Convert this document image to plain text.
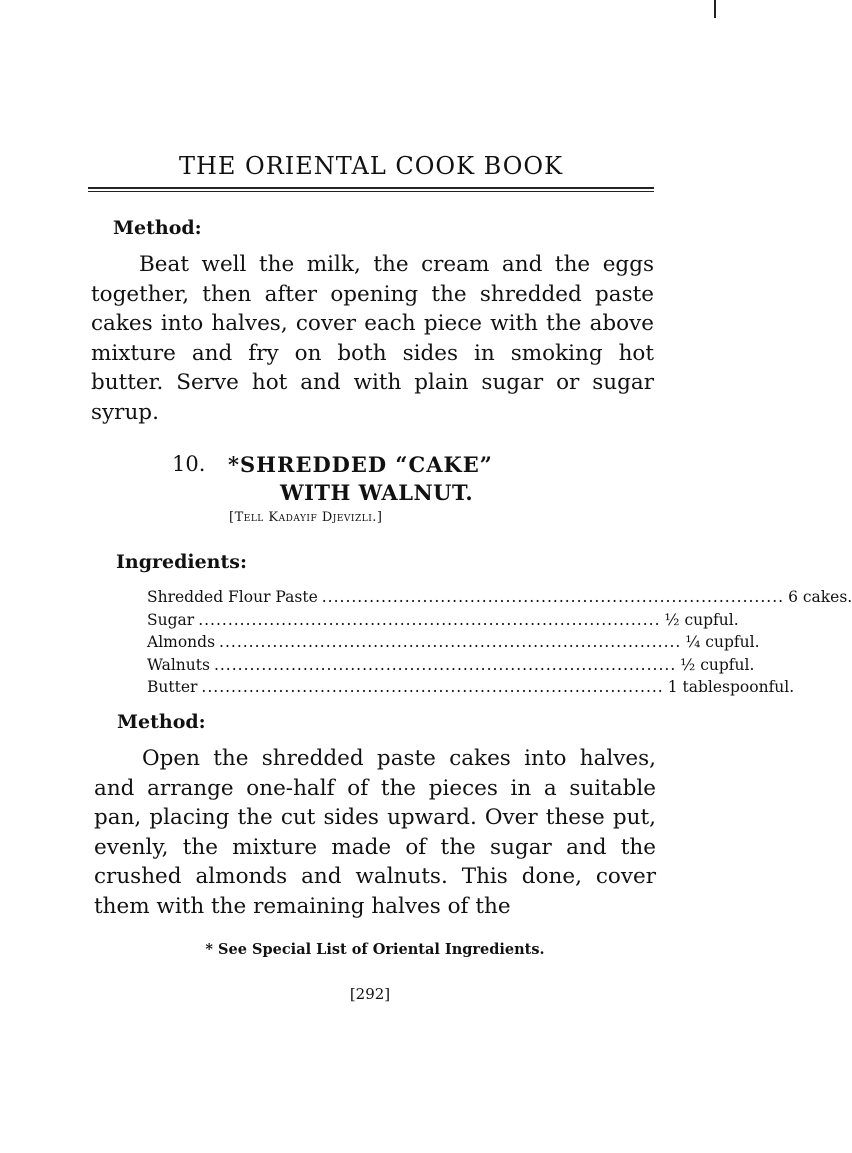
THE ORIENTAL COOK BOOK
Method:
Beat well the milk, the cream and the eggs together, then after opening the shredded paste cakes into halves, cover each piece with the above mixture and fry on both sides in smoking hot butter. Serve hot and with plain sugar or sugar syrup.
10. *SHREDDED “CAKE”
WITH WALNUT.
[Tell Kadayif Djevizli.]
Ingredients:
Shredded Flour Paste .............................................................................. 6 cakes.
Sugar .............................................................................. ½ cupful.
Almonds .............................................................................. ¼ cupful.
Walnuts .............................................................................. ½ cupful.
Butter .............................................................................. 1 tablespoonful.
Method:
Open the shredded paste cakes into halves, and arrange one-half of the pieces in a suitable pan, placing the cut sides upward. Over these put, evenly, the mixture made of the sugar and the crushed almonds and walnuts. This done, cover them with the remaining halves of the
* See Special List of Oriental Ingredients.
[292]
